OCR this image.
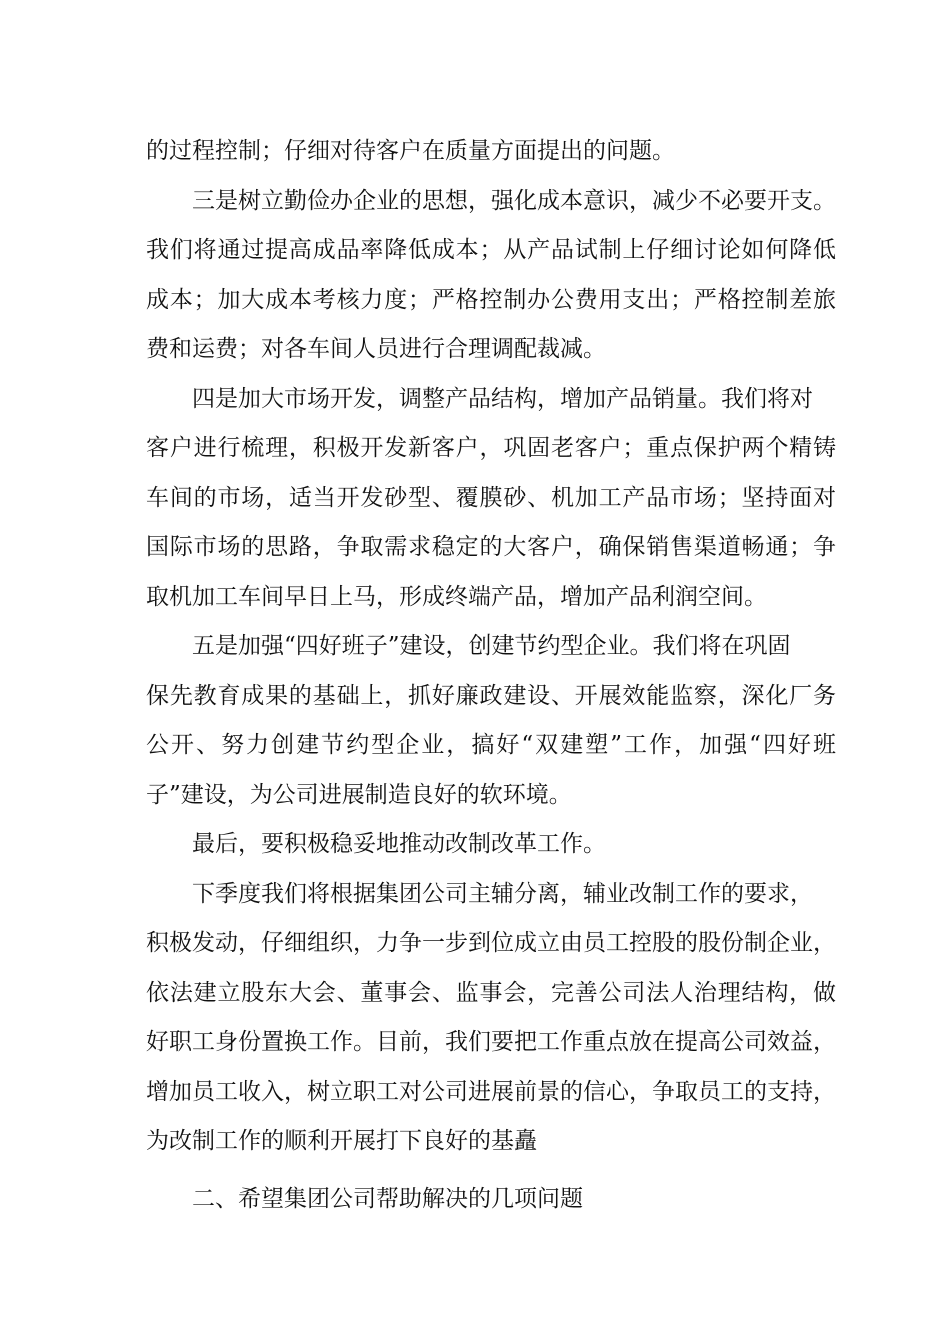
的过程控制；仔细对待客户在质量方面提出的问题。
三是树立勤俭办企业的思想，强化成本意识，减少不必要开支。
我们将通过提高成品率降低成本；从产品试制上仔细讨论如何降低
成本；加大成本考核力度；严格控制办公费用支出；严格控制差旅
费和运费；对各车间人员进行合理调配裁减。
四是加大市场开发，调整产品结构，增加产品销量。我们将对
客户进行梳理，积极开发新客户，巩固老客户；重点保护两个精铸
车间的市场，适当开发砂型、覆膜砂、机加工产品市场；坚持面对
国际市场的思路，争取需求稳定的大客户，确保销售渠道畅通；争
取机加工车间早日上马，形成终端产品，增加产品利润空间。
五是加强“四好班子”建设，创建节约型企业。我们将在巩固
保先教育成果的基础上，抓好廉政建设、开展效能监察，深化厂务
公开、努力创建节约型企业，搞好“双建塑”工作，加强“四好班
子”建设，为公司进展制造良好的软环境。
最后，要积极稳妥地推动改制改革工作。
下季度我们将根据集团公司主辅分离，辅业改制工作的要求，
积极发动，仔细组织，力争一步到位成立由员工控股的股份制企业，
依法建立股东大会、董事会、监事会，完善公司法人治理结构，做
好职工身份置换工作。目前，我们要把工作重点放在提高公司效益，
增加员工收入，树立职工对公司进展前景的信心，争取员工的支持，
为改制工作的顺利开展打下良好的基矗
二、希望集团公司帮助解决的几项问题
